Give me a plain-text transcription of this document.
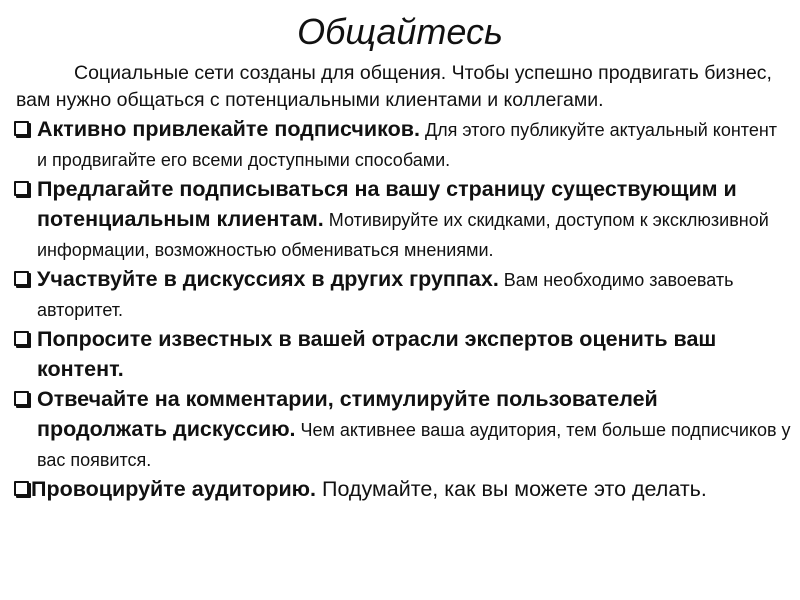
Общайтесь

Социальные сети созданы для общения. Чтобы успешно продвигать бизнес, вам нужно общаться с потенциальными клиентами и коллегами.

Активно привлекайте подписчиков. Для этого публикуйте актуальный контент и продвигайте его всеми доступными способами.
Предлагайте подписываться на вашу страницу существующим и потенциальным клиентам. Мотивируйте их скидками, доступом к эксклюзивной информации, возможностью обмениваться мнениями.
Участвуйте в дискуссиях в других группах. Вам необходимо завоевать авторитет.
Попросите известных в вашей отрасли экспертов оценить ваш контент.
Отвечайте на комментарии, стимулируйте пользователей продолжать дискуссию. Чем активнее ваша аудитория, тем больше подписчиков у вас появится.
Провоцируйте аудиторию. Подумайте, как вы можете это делать.
